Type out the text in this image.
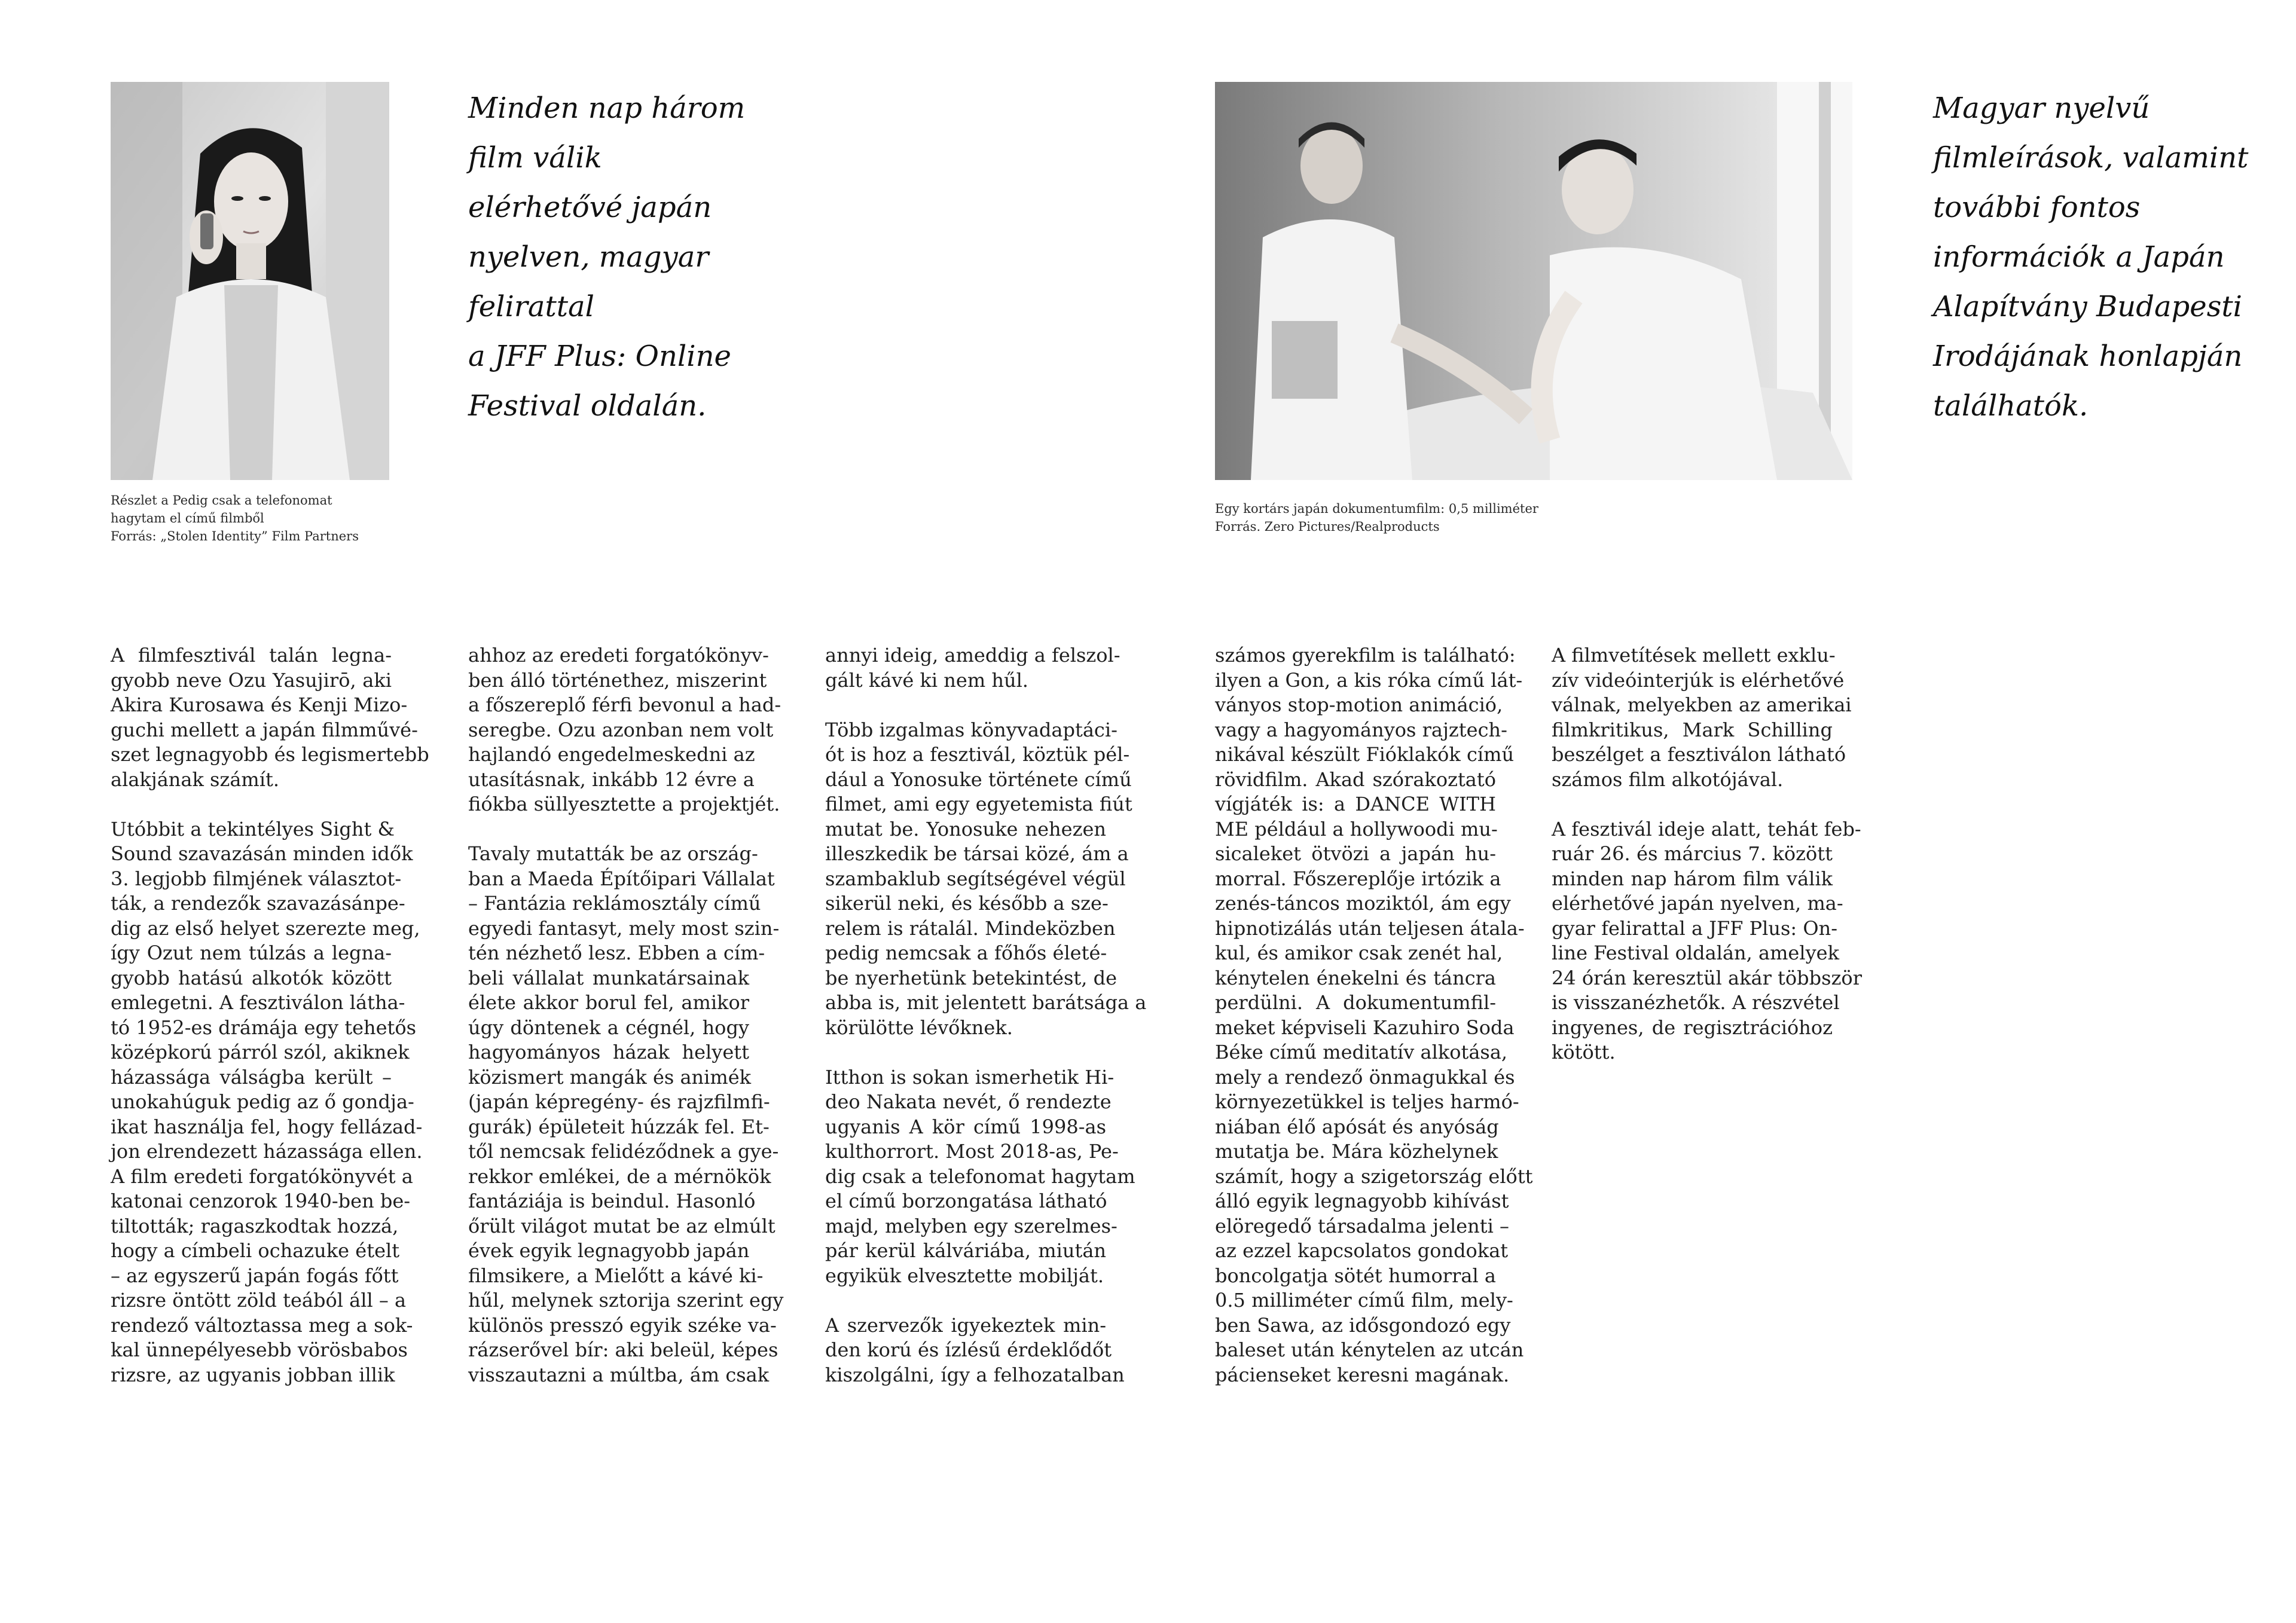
Részlet a Pedig csak a telefonomat
hagytam el című filmből
Forrás: „Stolen Identity” Film Partners
Minden nap három
film válik
elérhetővé japán
nyelven, magyar
felirattal
a JFF Plus: Online
Festival oldalán.
Egy kortárs japán dokumentumfilm: 0,5 milliméter
Forrás. Zero Pictures/Realproducts
Magyar nyelvű
filmleírások, valamint
további fontos
információk a Japán
Alapítvány Budapesti
Irodájának honlapján
találhatók.
A filmfesztivál talán legna-
gyobb neve Ozu Yasujirō, aki
Akira Kurosawa és Kenji Mizo-
guchi mellett a japán filmművé-
szet legnagyobb és legismertebb
alakjának számít.
Utóbbit a tekintélyes Sight &
Sound szavazásán minden idők
3. legjobb filmjének választot-
ták, a rendezők szavazásánpe-
dig az első helyet szerezte meg,
így Ozut nem túlzás a legna-
gyobb hatású alkotók között
emlegetni. A fesztiválon látha-
tó 1952-es drámája egy tehetős
középkorú párról szól, akiknek
házassága válságba került –
unokahúguk pedig az ő gondja-
ikat használja fel, hogy fellázad-
jon elrendezett házassága ellen.
A film eredeti forgatókönyvét a
katonai cenzorok 1940-ben be-
tiltották; ragaszkodtak hozzá,
hogy a címbeli ochazuke ételt
– az egyszerű japán fogás főtt
rizsre öntött zöld teából áll – a
rendező változtassa meg a sok-
kal ünnepélyesebb vörösbabos
rizsre, az ugyanis jobban illik
ahhoz az eredeti forgatókönyv-
ben álló történethez, miszerint
a főszereplő férfi bevonul a had-
seregbe. Ozu azonban nem volt
hajlandó engedelmeskedni az
utasításnak, inkább 12 évre a
fiókba süllyesztette a projektjét.
Tavaly mutatták be az ország-
ban a Maeda Építőipari Vállalat
– Fantázia reklámosztály című
egyedi fantasyt, mely most szin-
tén nézhető lesz. Ebben a cím-
beli vállalat munkatársainak
élete akkor borul fel, amikor
úgy döntenek a cégnél, hogy
hagyományos házak helyett
közismert mangák és animék
(japán képregény- és rajzfilmfi-
gurák) épületeit húzzák fel. Et-
től nemcsak felidéződnek a gye-
rekkor emlékei, de a mérnökök
fantáziája is beindul. Hasonló
őrült világot mutat be az elmúlt
évek egyik legnagyobb japán
filmsikere, a Mielőtt a kávé ki-
hűl, melynek sztorija szerint egy
különös presszó egyik széke va-
rázserővel bír: aki beleül, képes
visszautazni a múltba, ám csak
annyi ideig, ameddig a felszol-
gált kávé ki nem hűl.
Több izgalmas könyvadaptáci-
ót is hoz a fesztivál, köztük pél-
dául a Yonosuke története című
filmet, ami egy egyetemista fiút
mutat be. Yonosuke nehezen
illeszkedik be társai közé, ám a
szambaklub segítségével végül
sikerül neki, és később a sze-
relem is rátalál. Mindeközben
pedig nemcsak a főhős életé-
be nyerhetünk betekintést, de
abba is, mit jelentett barátsága a
körülötte lévőknek.
Itthon is sokan ismerhetik Hi-
deo Nakata nevét, ő rendezte
ugyanis A kör című 1998-as
kulthorrort. Most 2018-as, Pe-
dig csak a telefonomat hagytam
el című borzongatása látható
majd, melyben egy szerelmes-
pár kerül kálváriába, miután
egyikük elvesztette mobilját.
A szervezők igyekeztek min-
den korú és ízlésű érdeklődőt
kiszolgálni, így a felhozatalban
számos gyerekfilm is található:
ilyen a Gon, a kis róka című lát-
ványos stop-motion animáció,
vagy a hagyományos rajztech-
nikával készült Fióklakók című
rövidfilm. Akad szórakoztató
vígjáték is: a DANCE WITH
ME például a hollywoodi mu-
sicaleket ötvözi a japán hu-
morral. Főszereplője irtózik a
zenés-táncos moziktól, ám egy
hipnotizálás után teljesen átala-
kul, és amikor csak zenét hal,
kénytelen énekelni és táncra
perdülni. A dokumentumfil-
meket képviseli Kazuhiro Soda
Béke című meditatív alkotása,
mely a rendező önmagukkal és
környezetükkel is teljes harmó-
niában élő apósát és anyóság
mutatja be. Mára közhelynek
számít, hogy a szigetország előtt
álló egyik legnagyobb kihívást
elöregedő társadalma jelenti –
az ezzel kapcsolatos gondokat
boncolgatja sötét humorral a
0.5 milliméter című film, mely-
ben Sawa, az idősgondozó egy
baleset után kénytelen az utcán
pácienseket keresni magának.
A filmvetítések mellett exklu-
zív videóinterjúk is elérhetővé
válnak, melyekben az amerikai
filmkritikus, Mark Schilling
beszélget a fesztiválon látható
számos film alkotójával.
A fesztivál ideje alatt, tehát feb-
ruár 26. és március 7. között
minden nap három film válik
elérhetővé japán nyelven, ma-
gyar felirattal a JFF Plus: On-
line Festival oldalán, amelyek
24 órán keresztül akár többször
is visszanézhetők. A részvétel
ingyenes, de regisztrációhoz
kötött.
